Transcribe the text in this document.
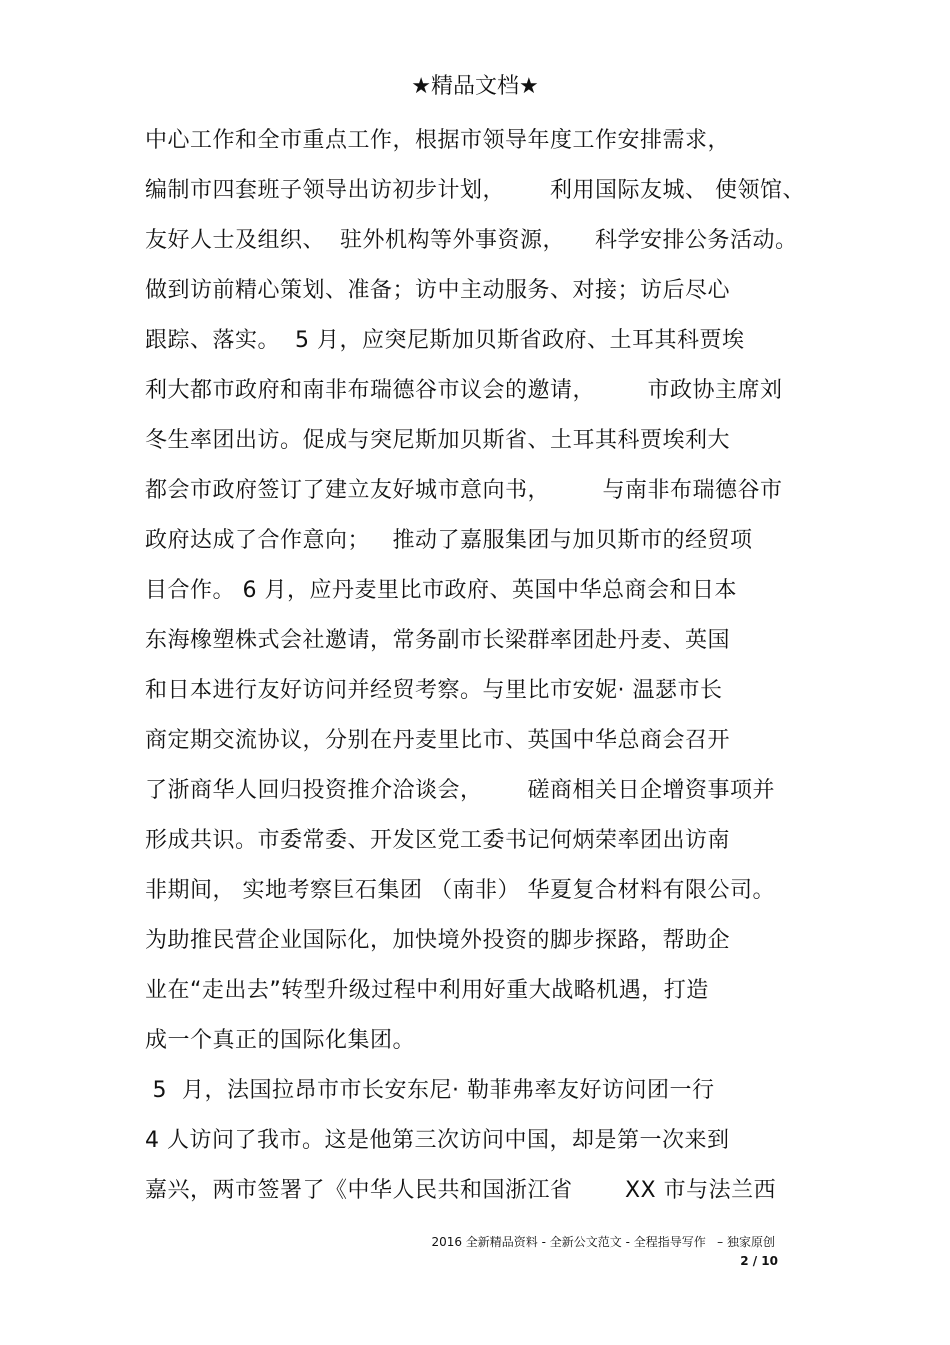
★精品文档★
中心工作和全市重点工作，根据市领导年度工作安排需求，
编制市四套班子领导出访初步计划，      利用国际友城、 使领馆、
友好人士及组织、  驻外机构等外事资源，    科学安排公务活动。
做到访前精心策划、准备；访中主动服务、对接；访后尽心
跟踪、落实。  5 月，应突尼斯加贝斯省政府、土耳其科贾埃
利大都市政府和南非布瑞德谷市议会的邀请，       市政协主席刘
冬生率团出访。促成与突尼斯加贝斯省、土耳其科贾埃利大
都会市政府签订了建立友好城市意向书，       与南非布瑞德谷市
政府达成了合作意向；   推动了嘉服集团与加贝斯市的经贸项
目合作。 6 月，应丹麦里比市政府、英国中华总商会和日本
东海橡塑株式会社邀请，常务副市长梁群率团赴丹麦、英国
和日本进行友好访问并经贸考察。与里比市安妮· 温瑟市长
商定期交流协议，分别在丹麦里比市、英国中华总商会召开
了浙商华人回归投资推介洽谈会，      磋商相关日企增资事项并
形成共识。市委常委、开发区党工委书记何炳荣率团出访南
非期间， 实地考察巨石集团 （南非） 华夏复合材料有限公司。
为助推民营企业国际化，加快境外投资的脚步探路，帮助企
业在“走出去”转型升级过程中利用好重大战略机遇，打造
成一个真正的国际化集团。
5  月，法国拉昂市市长安东尼· 勒菲弗率友好访问团一行
4 人访问了我市。这是他第三次访问中国，却是第一次来到
嘉兴，两市签署了《中华人民共和国浙江省       XX 市与法兰西
2016 全新精品资料 - 全新公文范文 - 全程指导写作   – 独家原创
2 / 10
